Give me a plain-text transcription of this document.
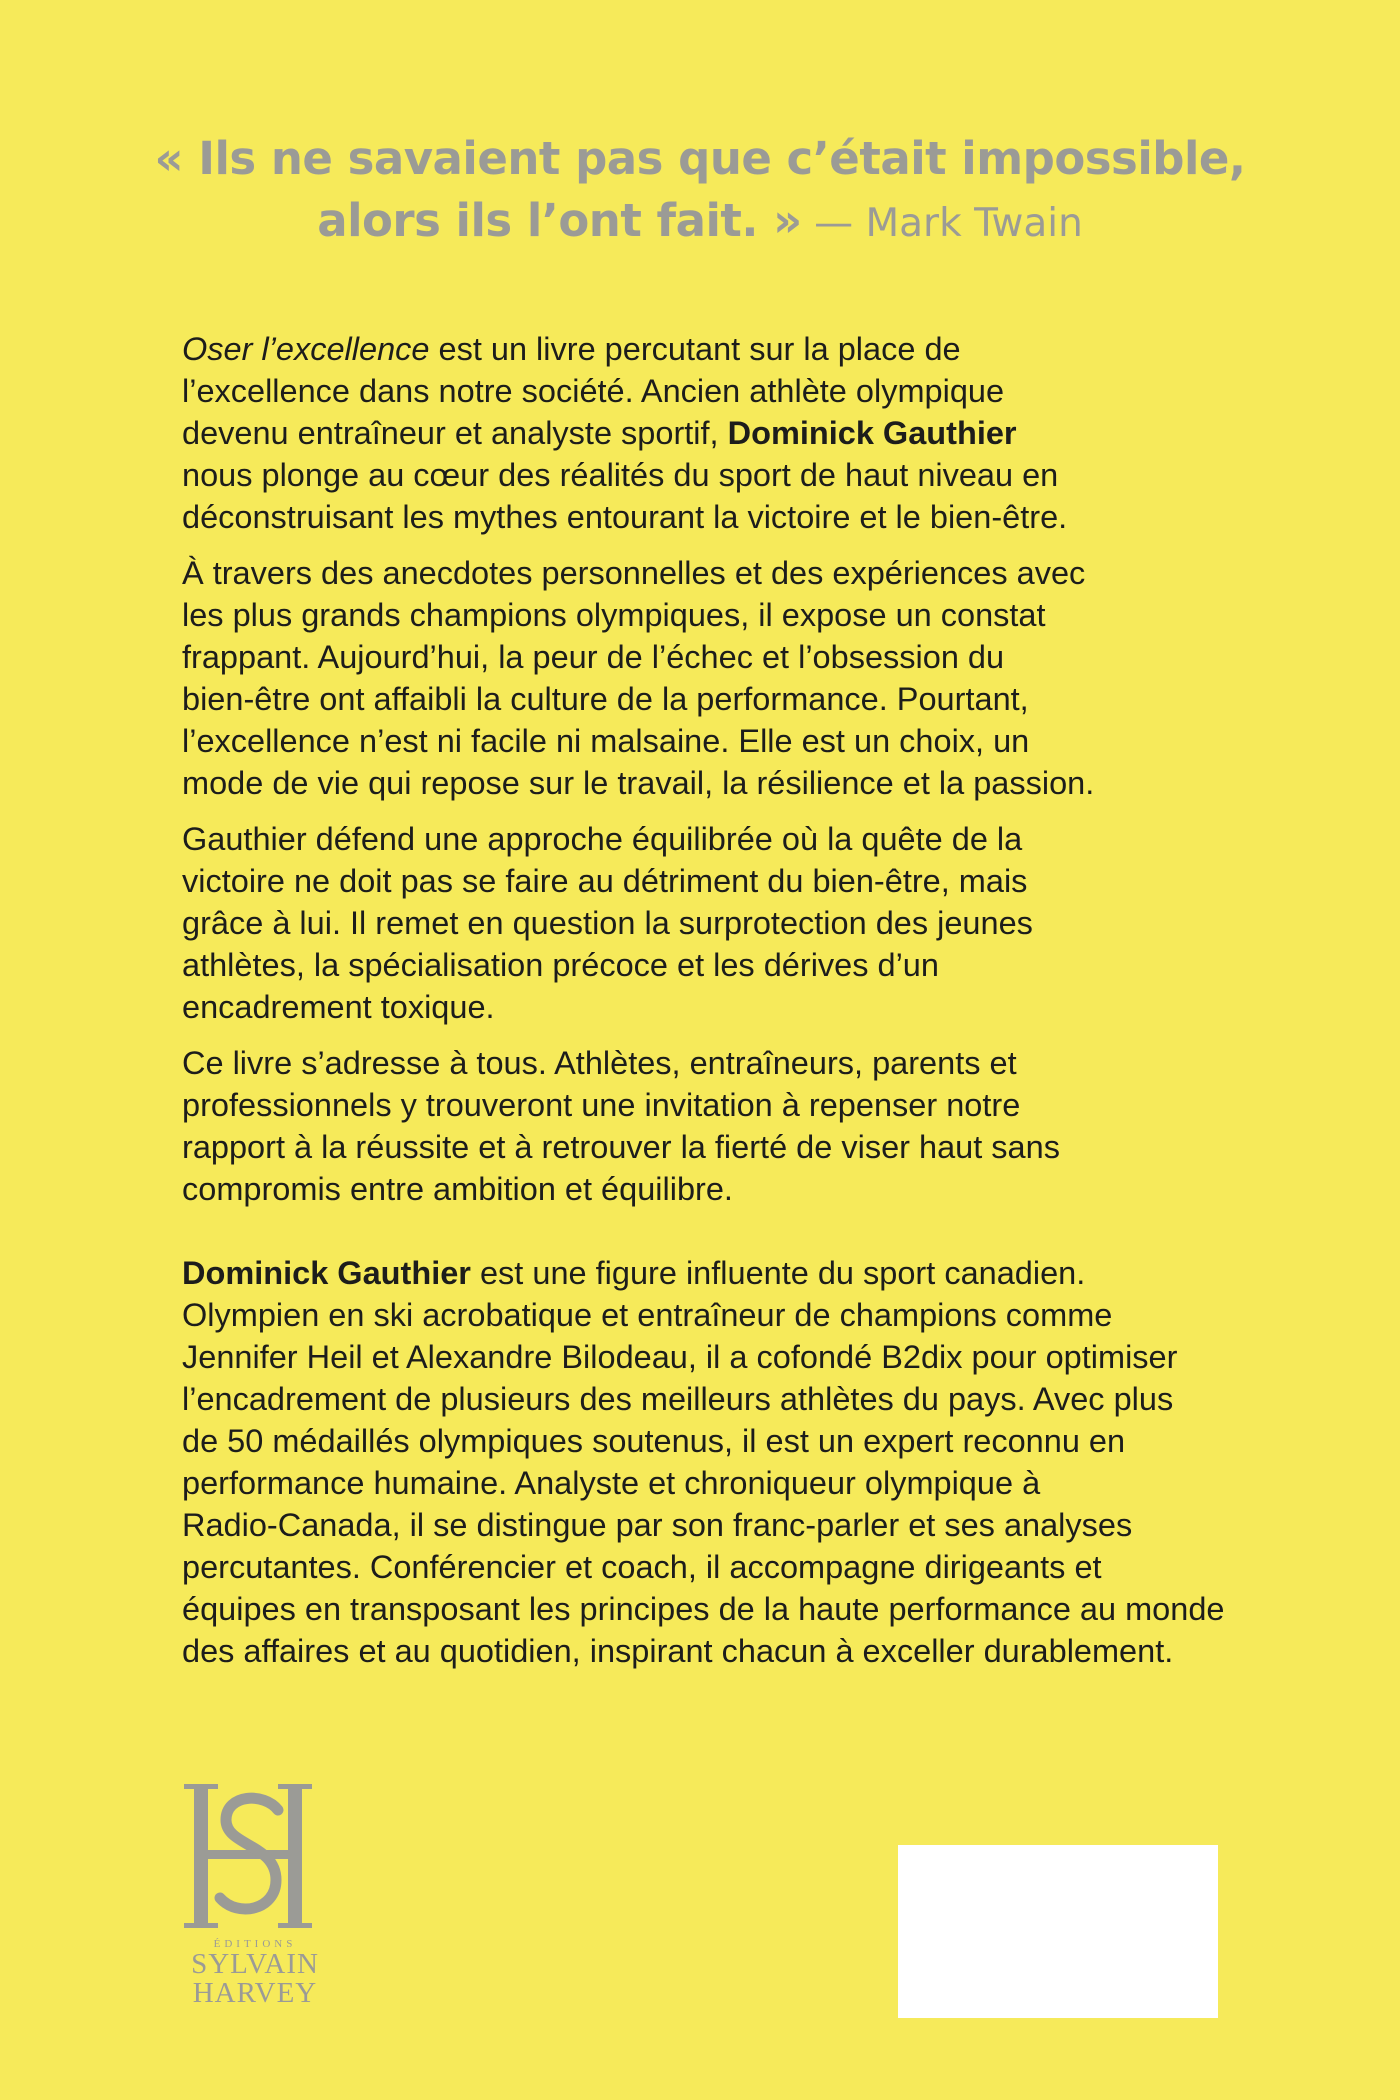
« Ils ne savaient pas que c’était impossible,
alors ils l’ont fait. » — Mark Twain
Oser l’excellence est un livre percutant sur la place de
l’excellence dans notre société. Ancien athlète olympique
devenu entraîneur et analyste sportif, Dominick Gauthier
nous plonge au cœur des réalités du sport de haut niveau en
déconstruisant les mythes entourant la victoire et le bien-être.
À travers des anecdotes personnelles et des expériences avec
les plus grands champions olympiques, il expose un constat
frappant. Aujourd’hui, la peur de l’échec et l’obsession du
bien-être ont affaibli la culture de la performance. Pourtant,
l’excellence n’est ni facile ni malsaine. Elle est un choix, un
mode de vie qui repose sur le travail, la résilience et la passion.
Gauthier défend une approche équilibrée où la quête de la
victoire ne doit pas se faire au détriment du bien-être, mais
grâce à lui. Il remet en question la surprotection des jeunes
athlètes, la spécialisation précoce et les dérives d’un
encadrement toxique.
Ce livre s’adresse à tous. Athlètes, entraîneurs, parents et
professionnels y trouveront une invitation à repenser notre
rapport à la réussite et à retrouver la fierté de viser haut sans
compromis entre ambition et équilibre.
Dominick Gauthier est une figure influente du sport canadien.
Olympien en ski acrobatique et entraîneur de champions comme
Jennifer Heil et Alexandre Bilodeau, il a cofondé B2dix pour optimiser
l’encadrement de plusieurs des meilleurs athlètes du pays. Avec plus
de 50 médaillés olympiques soutenus, il est un expert reconnu en
performance humaine. Analyste et chroniqueur olympique à
Radio-Canada, il se distingue par son franc-parler et ses analyses
percutantes. Conférencier et coach, il accompagne dirigeants et
équipes en transposant les principes de la haute performance au monde
des affaires et au quotidien, inspirant chacun à exceller durablement.
ÉDITIONS
SYLVAIN
HARVEY
